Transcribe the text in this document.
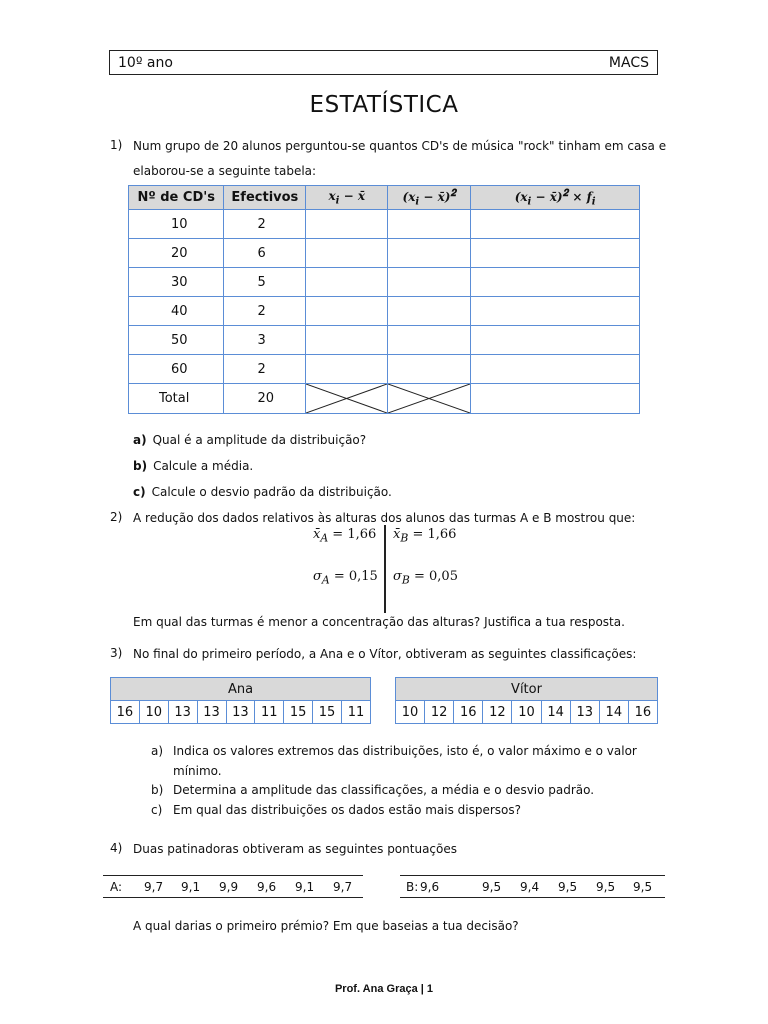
10º ano	MACS
ESTATÍSTICA
1) Num grupo de 20 alunos perguntou-se quantos CD's de música "rock" tinham em casa e
elaborou-se a seguinte tabela:
Nº de CD's	Efectivos	𝒙$_𝒊$ − 𝒙̄	(𝒙$_𝒊$ − 𝒙̄)$^𝟐$	(𝒙$_𝒊$ − 𝒙̄)$^𝟐$ × 𝒇$_𝒊$
10	2			
20	6			
30	5			
40	2			
50	3			
60	2			
Total	20	

a) Qual é a amplitude da distribuição?
b) Calcule a média.
c) Calcule o desvio padrão da distribuição.
2) A redução dos dados relativos às alturas dos alunos das turmas A e B mostrou que:
$x̄_A = 1,66$ $x̄_B = 1,66$
$\sigma_A = 0,15$ $\sigma_B = 0,05$
Em qual das turmas é menor a concentração das alturas? Justifica a tua resposta.
3) No final do primeiro período, a Ana e o Vítor, obtiveram as seguintes classificações:
Ana
16	10	13	13	13	11	15	15	11
Vítor
10	12	16	12	10	14	13	14	16
a) Indica os valores extremos das distribuições, isto é, o valor máximo e o valor
mínimo.
b) Determina a amplitude das classificações, a média e o desvio padrão.
c) Em qual das distribuições os dados estão mais dispersos?
4) Duas patinadoras obtiveram as seguintes pontuações
A: 9,7 9,1 9,9 9,6 9,1 9,7	B: 9,6	9,5 9,4 9,5 9,5 9,5
A qual darias o primeiro prémio? Em que baseias a tua decisão?
Prof. Ana Graça | 1
